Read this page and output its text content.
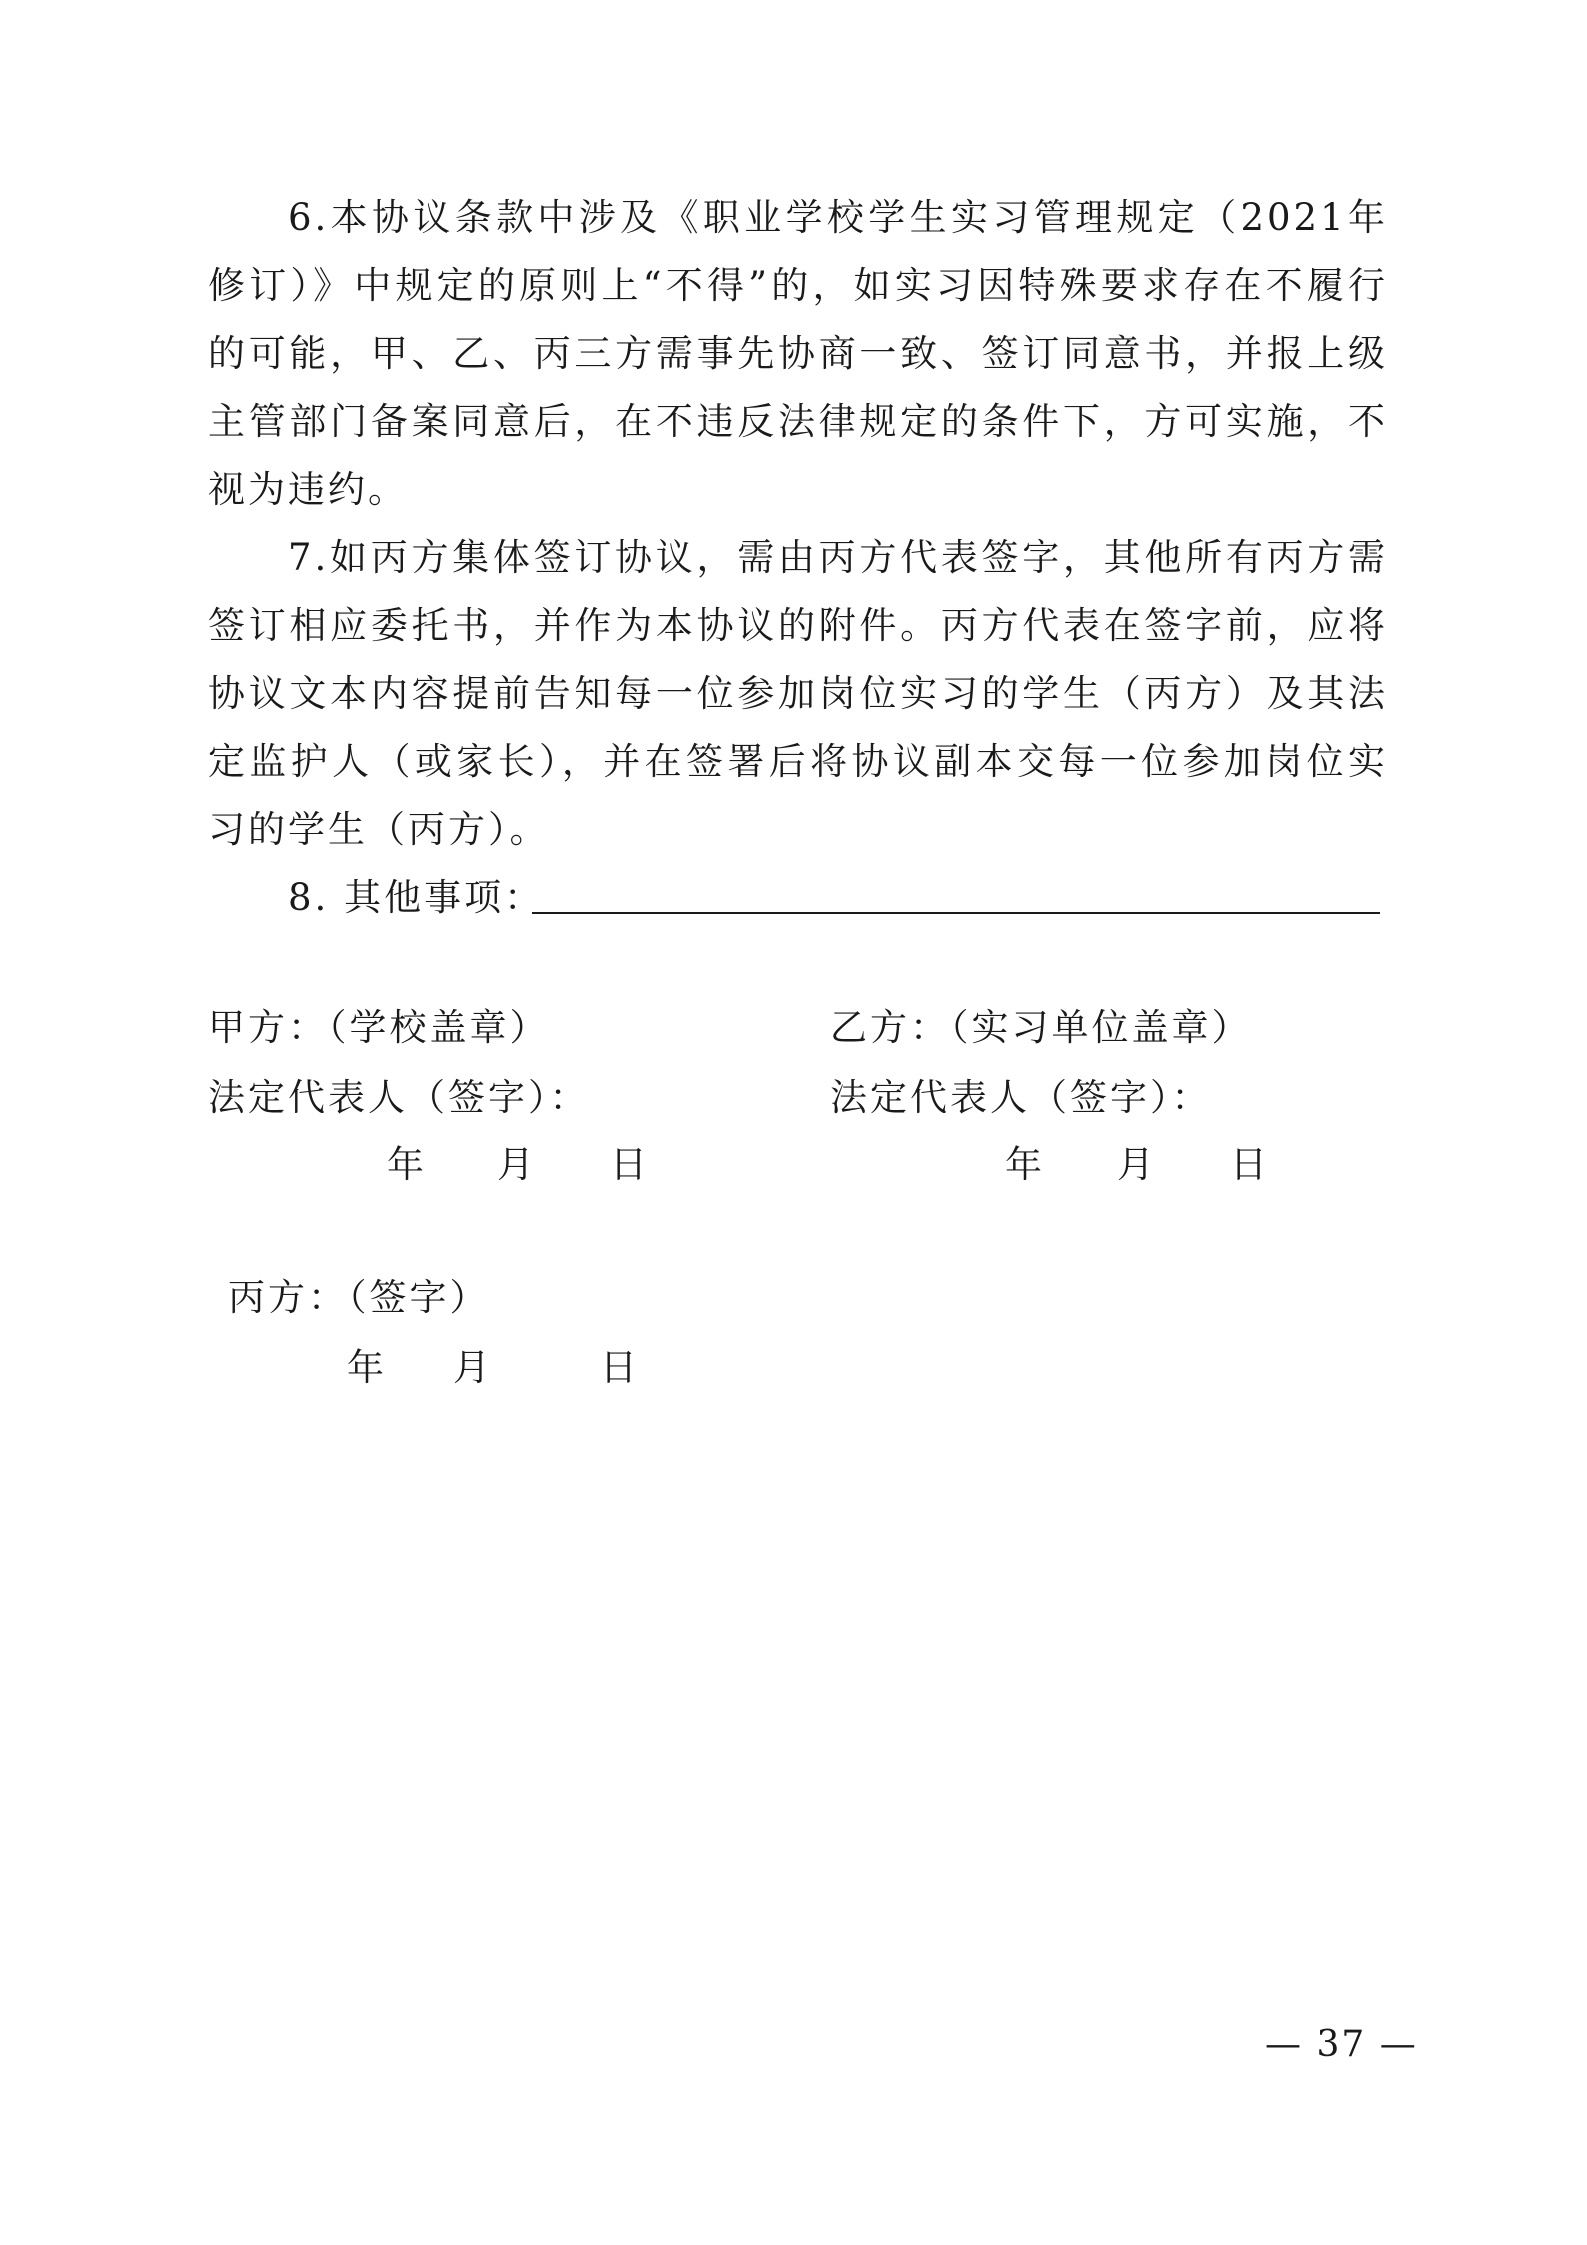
6.本协议条款中涉及《职业学校学生实习管理规定（2021年修订）》中规定的原则上“不得”的，如实习因特殊要求存在不履行的可能，甲、乙、丙三方需事先协商一致、签订同意书，并报上级主管部门备案同意后，在不违反法律规定的条件下，方可实施，不视为违约。

7.如丙方集体签订协议，需由丙方代表签字，其他所有丙方需签订相应委托书，并作为本协议的附件。丙方代表在签字前，应将协议文本内容提前告知每一位参加岗位实习的学生（丙方）及其法定监护人（或家长），并在签署后将协议副本交每一位参加岗位实习的学生（丙方）。

8. 其他事项：
甲方：（学校盖章）
法定代表人（签字）：
年 月 日
乙方：（实习单位盖章）
法定代表人（签字）：
年 月 日
丙方：（签字）
年 月	日
— 37 —
